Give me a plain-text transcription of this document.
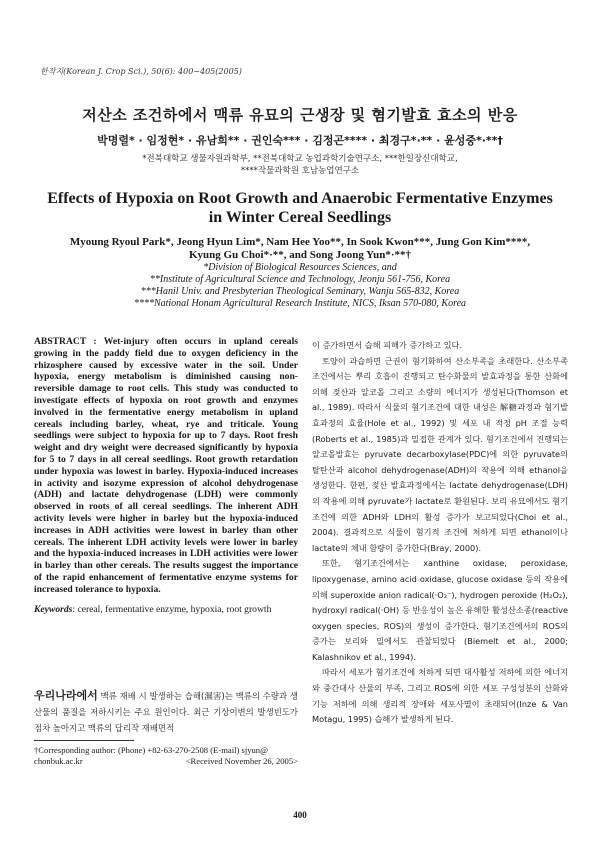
한작지(Korean J. Crop Sci.), 50(6): 400~405(2005)
저산소 조건하에서 맥류 유묘의 근생장 및 혐기발효 효소의 반응
박명렬* · 임정현* · 유남희** · 권인숙*** · 김정곤**** · 최경구*·** · 윤성중*·**†
*전북대학교 생물자원과학부, **전북대학교 농업과학기술연구소, ***한일장신대학교,
****작물과학원 호남농업연구소
Effects of Hypoxia on Root Growth and Anaerobic Fermentative Enzymes
in Winter Cereal Seedlings
Myoung Ryoul Park*, Jeong Hyun Lim*, Nam Hee Yoo**, In Sook Kwon***, Jung Gon Kim****,
Kyung Gu Choi*·**, and Song Joong Yun*·**†
*Division of Biological Resources Sciences, and
**Institute of Agricultural Science and Technology, Jeonju 561-756, Korea
***Hanil Univ. and Presbyterian Theological Seminary, Wanju 565-832, Korea
****National Honam Agricultural Research Institute, NICS, Iksan 570-080, Korea
ABSTRACT : Wet-injury often occurs in upland cereals growing in the paddy field due to oxygen deficiency in the rhizosphere caused by excessive water in the soil. Under hypoxia, energy metabolism is diminished causing non-reversible damage to root cells. This study was conducted to investigate effects of hypoxia on root growth and enzymes involved in the fermentative energy metabolism in upland cereals including barley, wheat, rye and triticale. Young seedlings were subject to hypoxia for up to 7 days. Root fresh weight and dry weight were decreased significantly by hypoxia for 5 to 7 days in all cereal seedlings. Root growth retardation under hypoxia was lowest in barley. Hypoxia-induced increases in activity and isozyme expression of alcohol dehydrogenase (ADH) and lactate dehydrogenase (LDH) were commonly observed in roots of all cereal seedlings. The inherent ADH activity levels were higher in barley but the hypoxia-induced increases in ADH activities were lowest in barley than other cereals. The inherent LDH activity levels were lower in barley and the hypoxia-induced increases in LDH activities were lower in barley than other cereals. The results suggest the importance of the rapid enhancement of fermentative enzyme systems for increased tolerance to hypoxia.
Keywords: cereal, fermentative enzyme, hypoxia, root growth
우리나라에서 맥류 재배 시 발생하는 습해(濕害)는 맥류의 수량과 생산물의 품질을 저하시키는 주요 원인이다. 최근 기상이변의 발생빈도가 점차 높아지고 맥류의 답리작 재배면적
†Corresponding author: (Phone) +82-63-270-2508 (E-mail) sjyun@
chonbuk.ac.kr	<Received November 26, 2005>

이 증가하면서 습해 피해가 증가하고 있다.

토양이 과습하면 근권이 혐기화하여 산소부족을 초래한다. 산소부족 조건에서는 뿌리 호흡이 진행되고 탄수화물의 발효과정을 통한 산화에 의해 젖산과 알코올 그리고 소량의 에너지가 생성된다(Thomson et al., 1989). 따라서 식물의 혐기조건에 대한 내성은 解糖과정과 혐기발효과정의 효율(Hole et al., 1992) 및 세포 내 적정 pH 조절 능력(Roberts et al., 1985)과 밀접한 관계가 있다. 혐기조건에서 진행되는 알코올발효는 pyruvate decarboxylase(PDC)에 의한 pyruvate의 탈탄산과 alcohol dehydrogenase(ADH)의 작용에 의해 ethanol을 생성한다. 한편, 젖산 발효과정에서는 lactate dehydrogenase(LDH)의 작용에 의해 pyruvate가 lactate로 환원된다. 보리 유묘에서도 혐기조건에 의한 ADH와 LDH의 활성 증가가 보고되었다(Choi et al., 2004). 결과적으로 식물이 혐기적 조건에 처하게 되면 ethanol이나 lactate의 체내 함량이 증가한다(Bray, 2000).

또한, 혐기조건에서는 xanthine oxidase, peroxidase, lipoxygenase, amino acid oxidase, glucose oxidase 등의 작용에 의해 superoxide anion radical(·O₂⁻), hydrogen peroxide (H₂O₂), hydroxyl radical(·OH) 등 반응성이 높은 유해한 활성산소종(reactive oxygen species, ROS)의 생성이 증가한다. 혐기조건에서의 ROS의 증가는 보리와 밀에서도 관찰되었다 (Biemelt et al., 2000; Kalashnikov et al., 1994).

따라서 세포가 혐기조건에 처하게 되면 대사활성 저하에 의한 에너지와 중간대사 산물의 부족, 그리고 ROS에 의한 세포 구성성분의 산화와 기능 저하에 의해 생리적 장애와 세포사멸이 초래되어(Inze & Van Motagu, 1995) 습해가 발생하게 된다.

400
